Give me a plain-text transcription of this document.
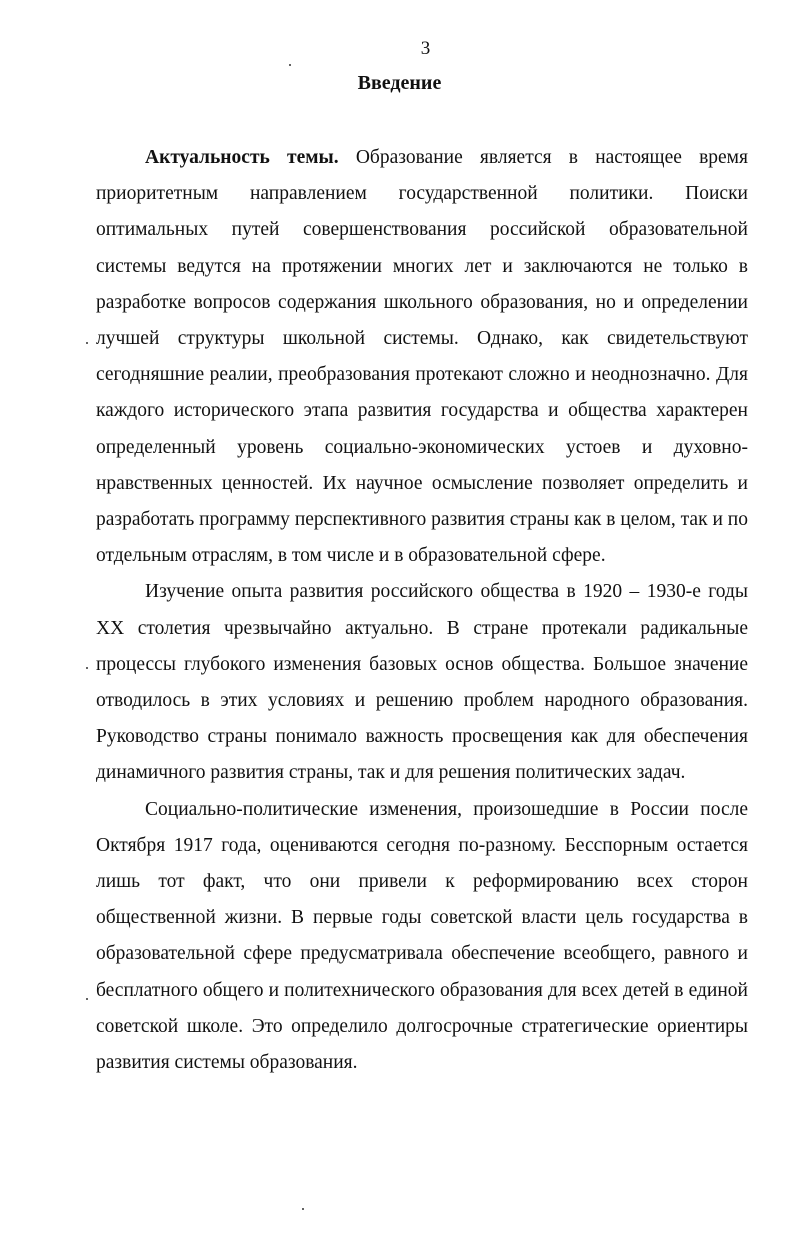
3
Введение

Актуальность темы. Образование является в настоящее время приоритетным направлением государственной политики. Поиски оптимальных путей совершенствования российской образовательной системы ведутся на протяжении многих лет и заключаются не только в разработке вопросов содержания школьного образования, но и определении лучшей структуры школьной системы. Однако, как свидетельствуют сегодняшние реалии, преобразования протекают сложно и неоднозначно. Для каждого исторического этапа развития государства и общества характерен определенный уровень социально-экономических устоев и духовно-нравственных ценностей. Их научное осмысление позволяет определить и разработать программу перспективного развития страны как в целом, так и по отдельным отраслям, в том числе и в образовательной сфере.

Изучение опыта развития российского общества в 1920 – 1930-е годы XX столетия чрезвычайно актуально. В стране протекали радикальные процессы глубокого изменения базовых основ общества. Большое значение отводилось в этих условиях и решению проблем народного образования. Руководство страны понимало важность просвещения как для обеспечения динамичного развития страны, так и для решения политических задач.

Социально-политические изменения, произошедшие в России после Октября 1917 года, оцениваются сегодня по-разному. Бесспорным остается лишь тот факт, что они привели к реформированию всех сторон общественной жизни. В первые годы советской власти цель государства в образовательной сфере предусматривала обеспечение всеобщего, равного и бесплатного общего и политехнического образования для всех детей в единой советской школе. Это определило долгосрочные стратегические ориентиры развития системы образования.
